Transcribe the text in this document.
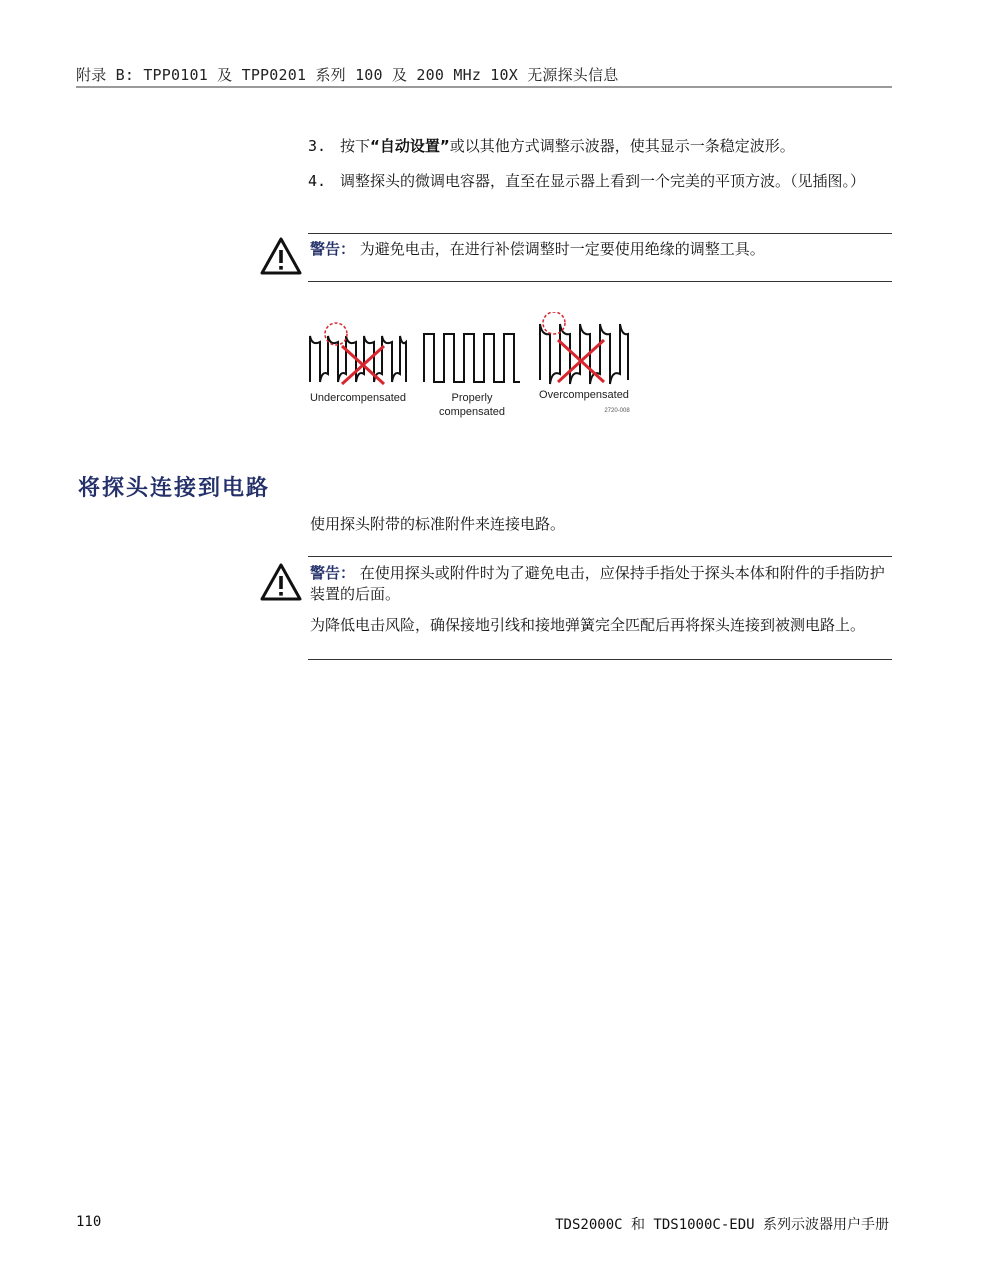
附录 B: TPP0101 及 TPP0201 系列 100 及 200 MHz 10X 无源探头信息
3. 按下“自动设置”或以其他方式调整示波器，使其显示一条稳定波形。
4. 调整探头的微调电容器，直至在显示器上看到一个完美的平顶方波。（见插图。）
警告： 为避免电击，在进行补偿调整时一定要使用绝缘的调整工具。
Undercompensated	Properly
compensated
Overcompensated
2720-008
将探头连接到电路
使用探头附带的标准附件来连接电路。
警告： 在使用探头或附件时为了避免电击，应保持手指处于探头本体和附件的手指防护装置的后面。
为降低电击风险，确保接地引线和接地弹簧完全匹配后再将探头连接到被测电路上。
110	TDS2000C 和 TDS1000C-EDU 系列示波器用户手册
